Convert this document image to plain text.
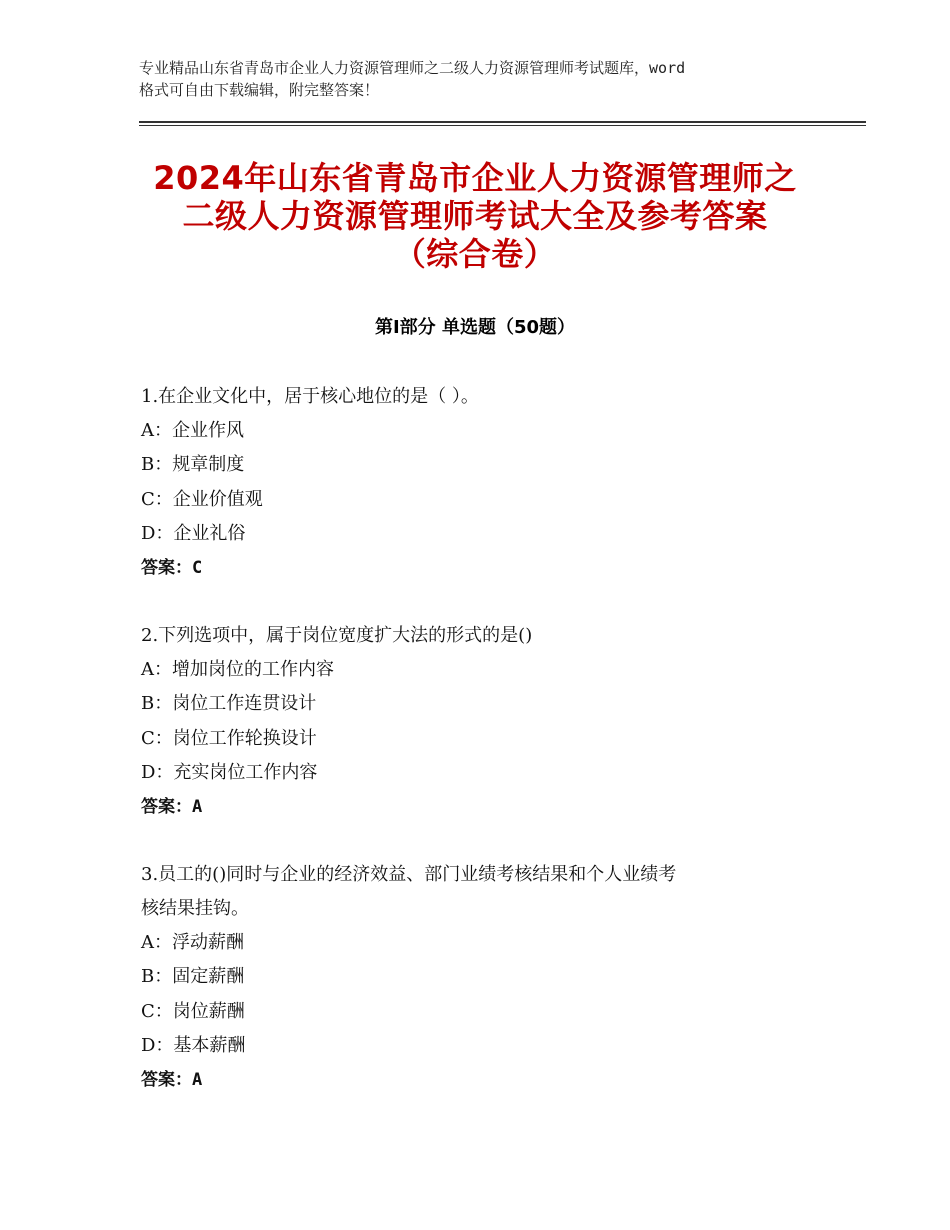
专业精品山东省青岛市企业人力资源管理师之二级人力资源管理师考试题库，word
格式可自由下载编辑，附完整答案！
2024年山东省青岛市企业人力资源管理师之
二级人力资源管理师考试大全及参考答案
（综合卷）
第Ⅰ部分 单选题（50题）
1.在企业文化中，居于核心地位的是（ ）。
A：企业作风
B：规章制度
C：企业价值观
D：企业礼俗
答案：C
2.下列选项中，属于岗位宽度扩大法的形式的是()
A：增加岗位的工作内容
B：岗位工作连贯设计
C：岗位工作轮换设计
D：充实岗位工作内容
答案：A
3.员工的()同时与企业的经济效益、部门业绩考核结果和个人业绩考
核结果挂钩。
A：浮动薪酬
B：固定薪酬
C：岗位薪酬
D：基本薪酬
答案：A
